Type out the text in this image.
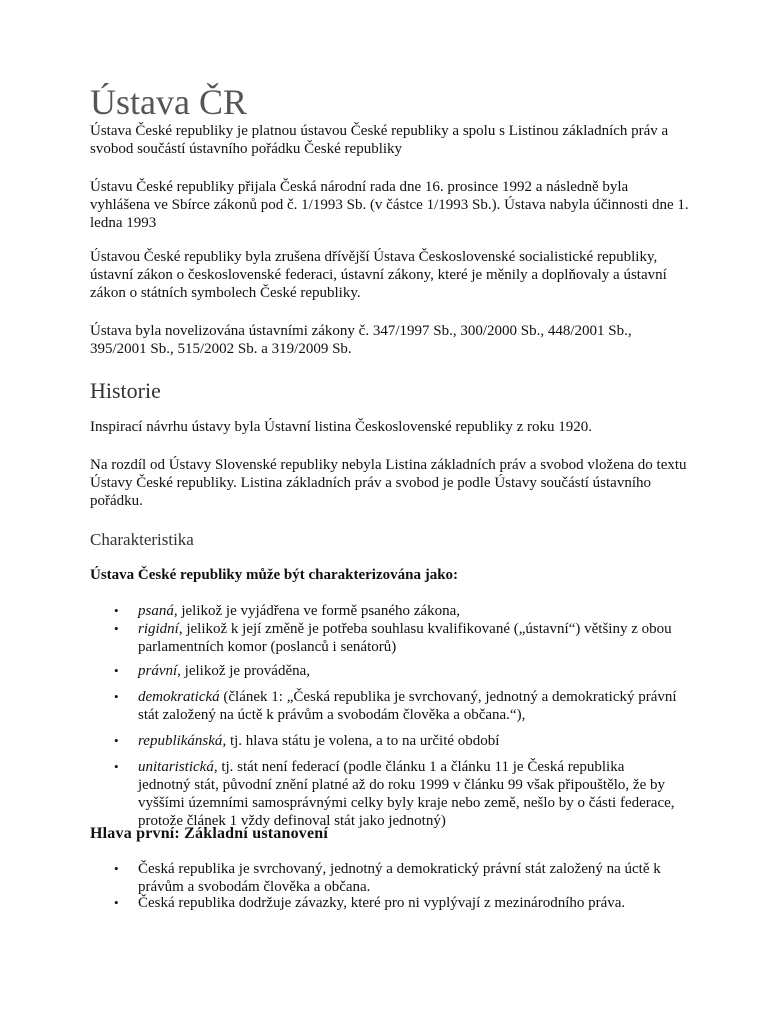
Ústava ČR

Ústava České republiky je platnou ústavou České republiky a spolu s Listinou základních práv a svobod součástí ústavního pořádku České republiky

Ústavu České republiky přijala Česká národní rada dne 16. prosince 1992 a následně byla vyhlášena ve Sbírce zákonů pod č. 1/1993 Sb. (v částce 1/1993 Sb.). Ústava nabyla účinnosti dne 1. ledna 1993

Ústavou České republiky byla zrušena dřívější Ústava Československé socialistické republiky, ústavní zákon o československé federaci, ústavní zákony, které je měnily a doplňovaly a ústavní zákon o státních symbolech České republiky.

Ústava byla novelizována ústavními zákony č. 347/1997 Sb., 300/2000 Sb., 448/2001 Sb., 395/2001 Sb., 515/2002 Sb. a 319/2009 Sb.

Historie

Inspirací návrhu ústavy byla Ústavní listina Československé republiky z roku 1920.

Na rozdíl od Ústavy Slovenské republiky nebyla Listina základních práv a svobod vložena do textu Ústavy České republiky. Listina základních práv a svobod je podle Ústavy součástí ústavního pořádku.

Charakteristika

Ústava České republiky může být charakterizována jako:

• psaná, jelikož je vyjádřena ve formě psaného zákona,
• rigidní, jelikož k její změně je potřeba souhlasu kvalifikované („ústavní“) většiny z obou parlamentních komor (poslanců i senátorů)
• právní, jelikož je prováděna,
• demokratická (článek 1: „Česká republika je svrchovaný, jednotný a demokratický právní stát založený na úctě k právům a svobodám člověka a občana.“),
• republikánská, tj. hlava státu je volena, a to na určité období
• unitaristická, tj. stát není federací (podle článku 1 a článku 11 je Česká republika jednotný stát, původní znění platné až do roku 1999 v článku 99 však připouštělo, že by vyššími územními samosprávnými celky byly kraje nebo země, nešlo by o části federace, protože článek 1 vždy definoval stát jako jednotný)
Hlava první: Základní ustanovení
• Česká republika je svrchovaný, jednotný a demokratický právní stát založený na úctě k právům a svobodám člověka a občana.
• Česká republika dodržuje závazky, které pro ni vyplývají z mezinárodního práva.
